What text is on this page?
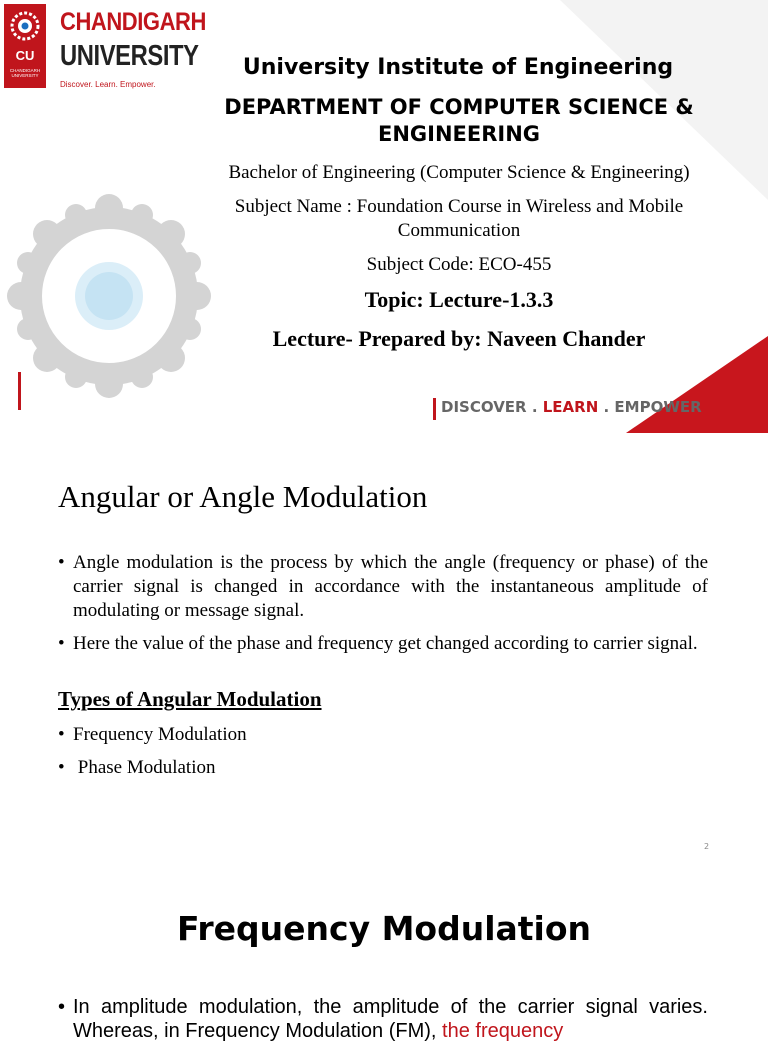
CU
CHANDIGARH UNIVERSITY
CHANDIGARH
UNIVERSITY
Discover. Learn. Empower.
University Institute of Engineering
DEPARTMENT OF COMPUTER SCIENCE & ENGINEERING
Bachelor of Engineering (Computer Science & Engineering)
Subject Name : Foundation Course in Wireless and Mobile Communication
Subject Code: ECO-455
Topic: Lecture-1.3.3
Lecture- Prepared by: Naveen Chander
DISCOVER . LEARN . EMPOWER
Angular or Angle Modulation
• Angle modulation is the process by which the angle (frequency or phase) of the carrier signal is changed in accordance with the instantaneous amplitude of modulating or message signal.
• Here the value of the phase and frequency get changed according to carrier signal.
Types of Angular Modulation
• Frequency Modulation
•  Phase Modulation
2
Frequency Modulation
• In amplitude modulation, the amplitude of the carrier signal varies. Whereas, in Frequency Modulation (FM), the frequency
